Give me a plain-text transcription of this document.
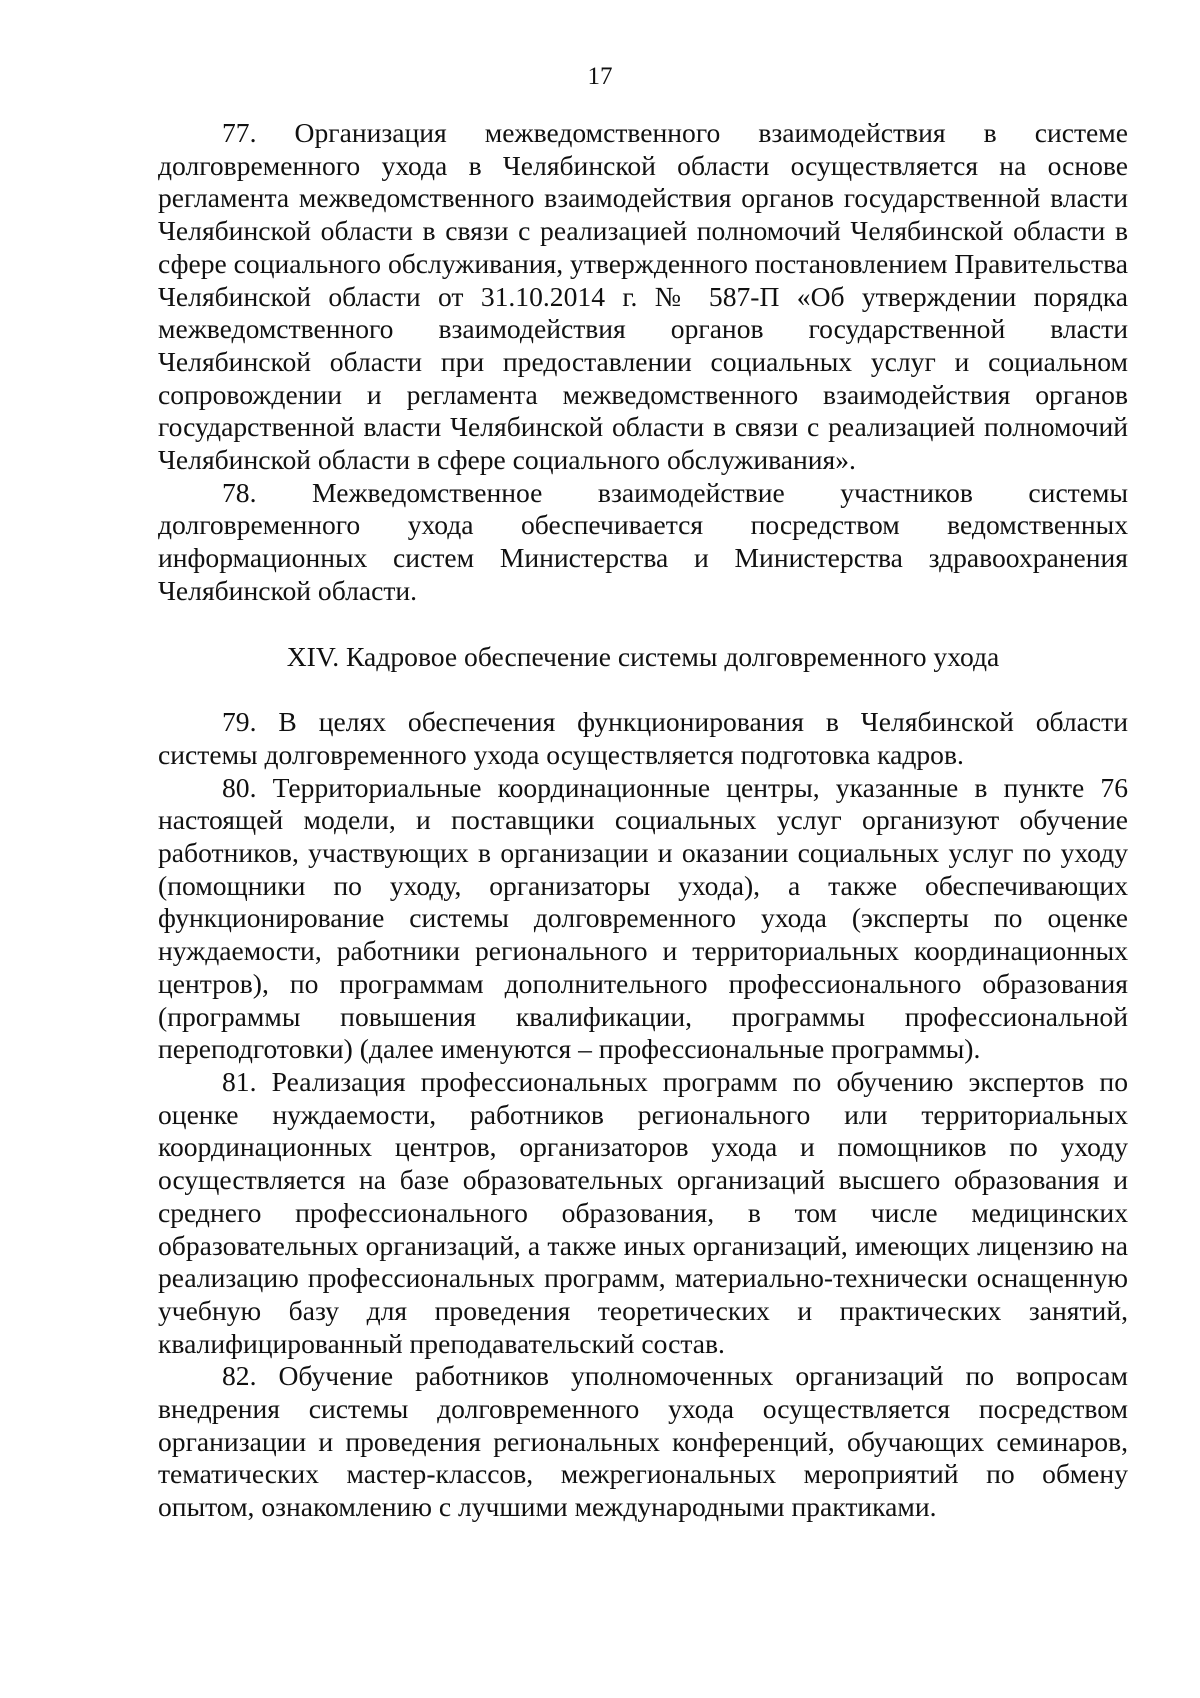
17

77. Организация межведомственного взаимодействия в системе долговременного ухода в Челябинской области осуществляется на основе регламента межведомственного взаимодействия органов государственной власти Челябинской области в связи с реализацией полномочий Челябинской области в сфере социального обслуживания, утвержденного постановлением Правительства Челябинской области от 31.10.2014 г. № 587-П «Об утверждении порядка межведомственного взаимодействия органов государственной власти Челябинской области при предоставлении социальных услуг и социальном сопровождении и регламента межведомственного взаимодействия органов государственной власти Челябинской области в связи с реализацией полномочий Челябинской области в сфере социального обслуживания».

78. Межведомственное взаимодействие участников системы долговременного ухода обеспечивается посредством ведомственных информационных систем Министерства и Министерства здравоохранения Челябинской области.

XIV. Кадровое обеспечение системы долговременного ухода

79. В целях обеспечения функционирования в Челябинской области системы долговременного ухода осуществляется подготовка кадров.

80. Территориальные координационные центры, указанные в пункте 76 настоящей модели, и поставщики социальных услуг организуют обучение работников, участвующих в организации и оказании социальных услуг по уходу (помощники по уходу, организаторы ухода), а также обеспечивающих функционирование системы долговременного ухода (эксперты по оценке нуждаемости, работники регионального и территориальных координационных центров), по программам дополнительного профессионального образования (программы повышения квалификации, программы профессиональной переподготовки) (далее именуются – профессиональные программы).

81. Реализация профессиональных программ по обучению экспертов по оценке нуждаемости, работников регионального или территориальных координационных центров, организаторов ухода и помощников по уходу осуществляется на базе образовательных организаций высшего образования и среднего профессионального образования, в том числе медицинских образовательных организаций, а также иных организаций, имеющих лицензию на реализацию профессиональных программ, материально-технически оснащенную учебную базу для проведения теоретических и практических занятий, квалифицированный преподавательский состав.

82. Обучение работников уполномоченных организаций по вопросам внедрения системы долговременного ухода осуществляется посредством организации и проведения региональных конференций, обучающих семинаров, тематических мастер-классов, межрегиональных мероприятий по обмену опытом, ознакомлению с лучшими международными практиками.
